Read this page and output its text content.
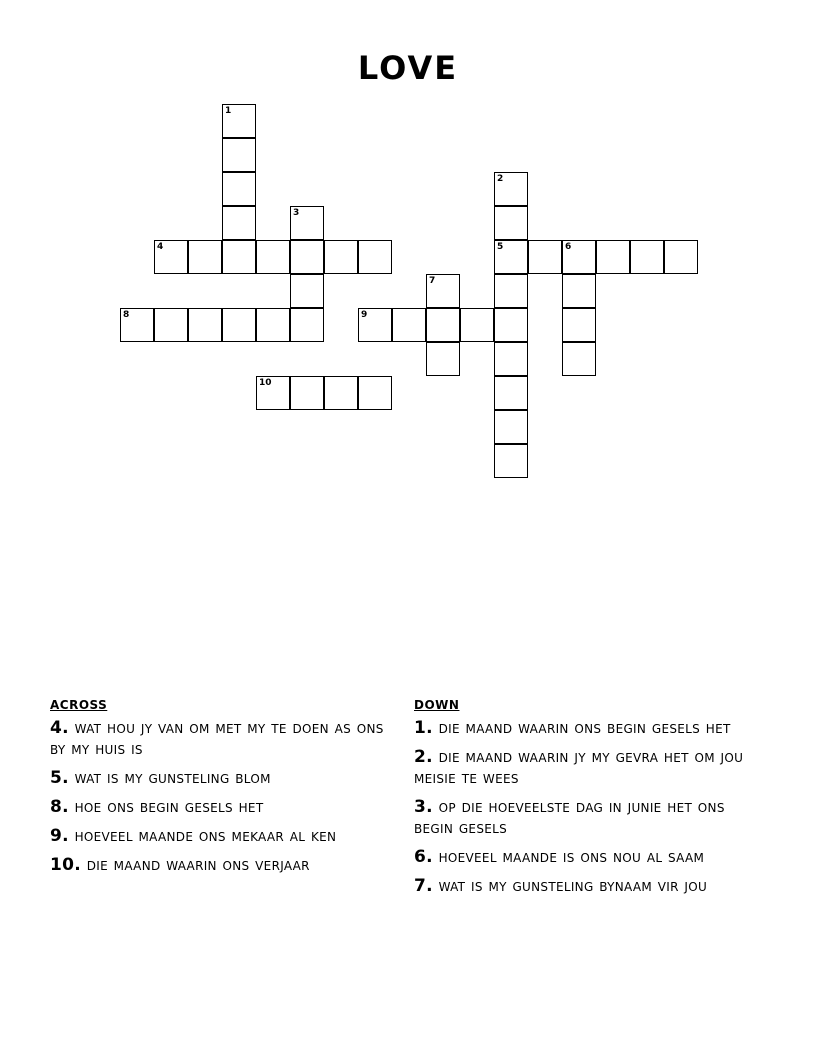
love
1
2
3
4	5	6
7
8	9
10
across
4. wat hou jy van om met my te doen as ons by my huis is
5. wat is my gunsteling blom
8. hoe ons begin gesels het
9. hoeveel maande ons mekaar al ken
10. die maand waarin ons verjaar
down
1. die maand waarin ons begin gesels het
2. die maand waarin jy my gevra het om jou meisie te wees
3. op die hoeveelste dag in junie het ons begin gesels
6. hoeveel maande is ons nou al saam
7. wat is my gunsteling bynaam vir jou
